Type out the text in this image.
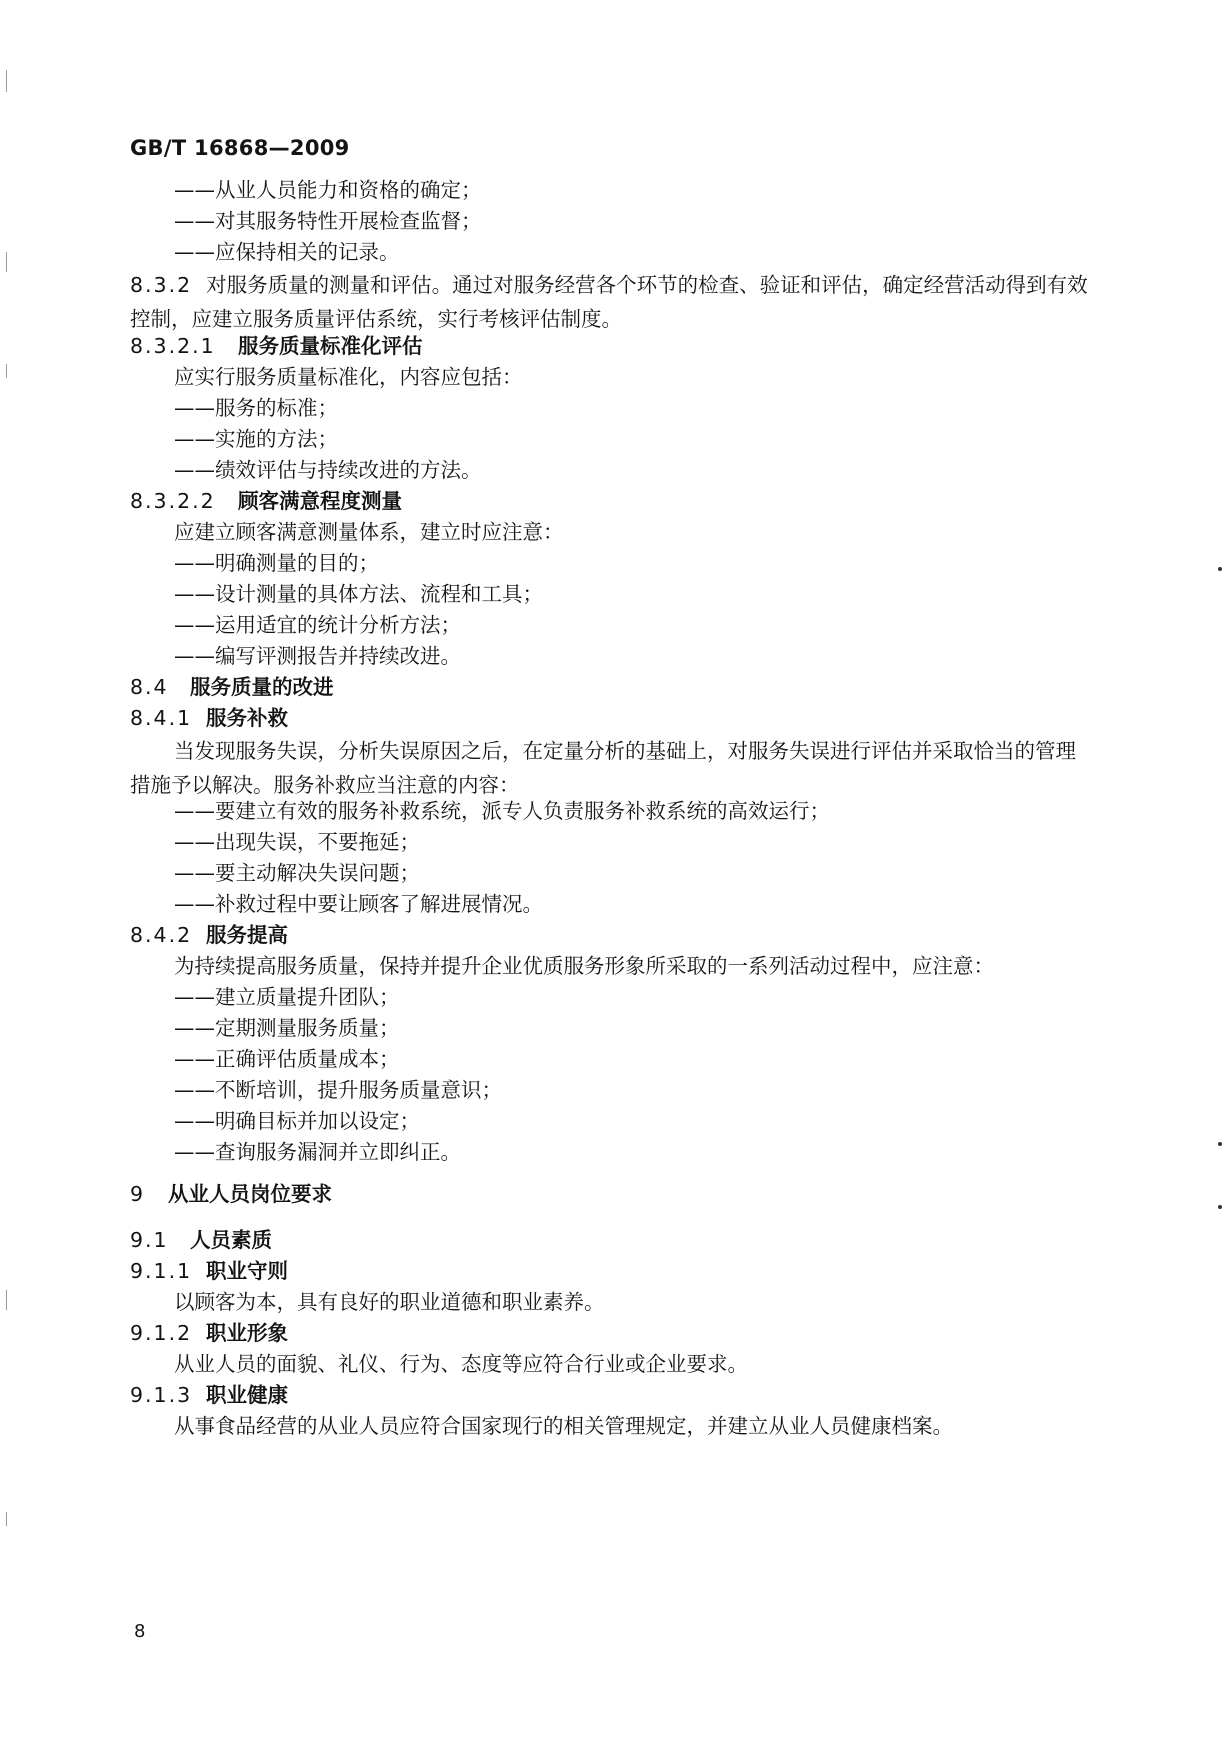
GB/T 16868—2009
——从业人员能力和资格的确定；
——对其服务特性开展检查监督；
——应保持相关的记录。
8.3.2 对服务质量的测量和评估。通过对服务经营各个环节的检查、验证和评估，确定经营活动得到有效控制，应建立服务质量评估系统，实行考核评估制度。
8.3.2.1 服务质量标准化评估
应实行服务质量标准化，内容应包括：
——服务的标准；
——实施的方法；
——绩效评估与持续改进的方法。
8.3.2.2 顾客满意程度测量
应建立顾客满意测量体系，建立时应注意：
——明确测量的目的；
——设计测量的具体方法、流程和工具；
——运用适宜的统计分析方法；
——编写评测报告并持续改进。
8.4 服务质量的改进
8.4.1 服务补救
当发现服务失误，分析失误原因之后，在定量分析的基础上，对服务失误进行评估并采取恰当的管理措施予以解决。服务补救应当注意的内容：
——要建立有效的服务补救系统，派专人负责服务补救系统的高效运行；
——出现失误，不要拖延；
——要主动解决失误问题；
——补救过程中要让顾客了解进展情况。
8.4.2 服务提高
为持续提高服务质量，保持并提升企业优质服务形象所采取的一系列活动过程中，应注意：
——建立质量提升团队；
——定期测量服务质量；
——正确评估质量成本；
——不断培训，提升服务质量意识；
——明确目标并加以设定；
——查询服务漏洞并立即纠正。
9 从业人员岗位要求
9.1 人员素质
9.1.1 职业守则
以顾客为本，具有良好的职业道德和职业素养。
9.1.2 职业形象
从业人员的面貌、礼仪、行为、态度等应符合行业或企业要求。
9.1.3 职业健康
从事食品经营的从业人员应符合国家现行的相关管理规定，并建立从业人员健康档案。
8
